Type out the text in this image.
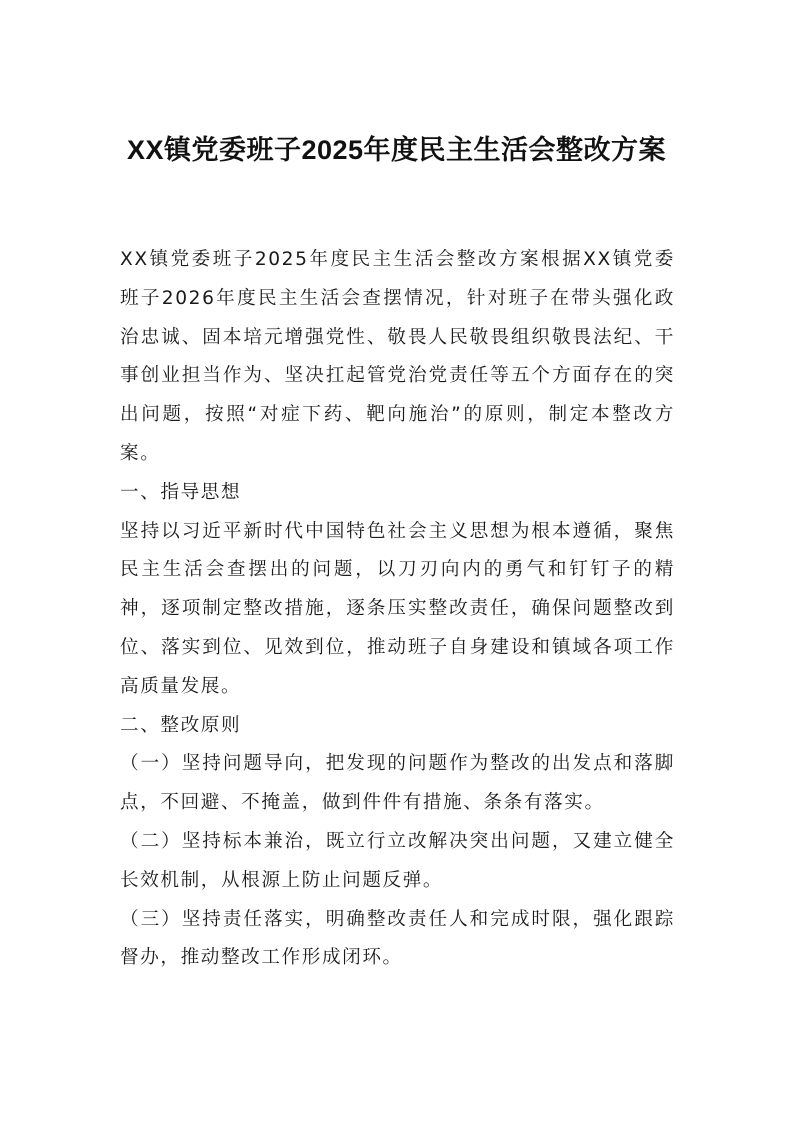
XX镇党委班子2025年度民主生活会整改方案

XX镇党委班子2025年度民主生活会整改方案根据XX镇党委班子2026年度民主生活会查摆情况，针对班子在带头强化政治忠诚、固本培元增强党性、敬畏人民敬畏组织敬畏法纪、干事创业担当作为、坚决扛起管党治党责任等五个方面存在的突出问题，按照“对症下药、靶向施治”的原则，制定本整改方案。

一、指导思想

坚持以习近平新时代中国特色社会主义思想为根本遵循，聚焦民主生活会查摆出的问题，以刀刃向内的勇气和钉钉子的精神，逐项制定整改措施，逐条压实整改责任，确保问题整改到位、落实到位、见效到位，推动班子自身建设和镇域各项工作高质量发展。

二、整改原则

（一）坚持问题导向，把发现的问题作为整改的出发点和落脚点，不回避、不掩盖，做到件件有措施、条条有落实。

（二）坚持标本兼治，既立行立改解决突出问题，又建立健全长效机制，从根源上防止问题反弹。

（三）坚持责任落实，明确整改责任人和完成时限，强化跟踪督办，推动整改工作形成闭环。
